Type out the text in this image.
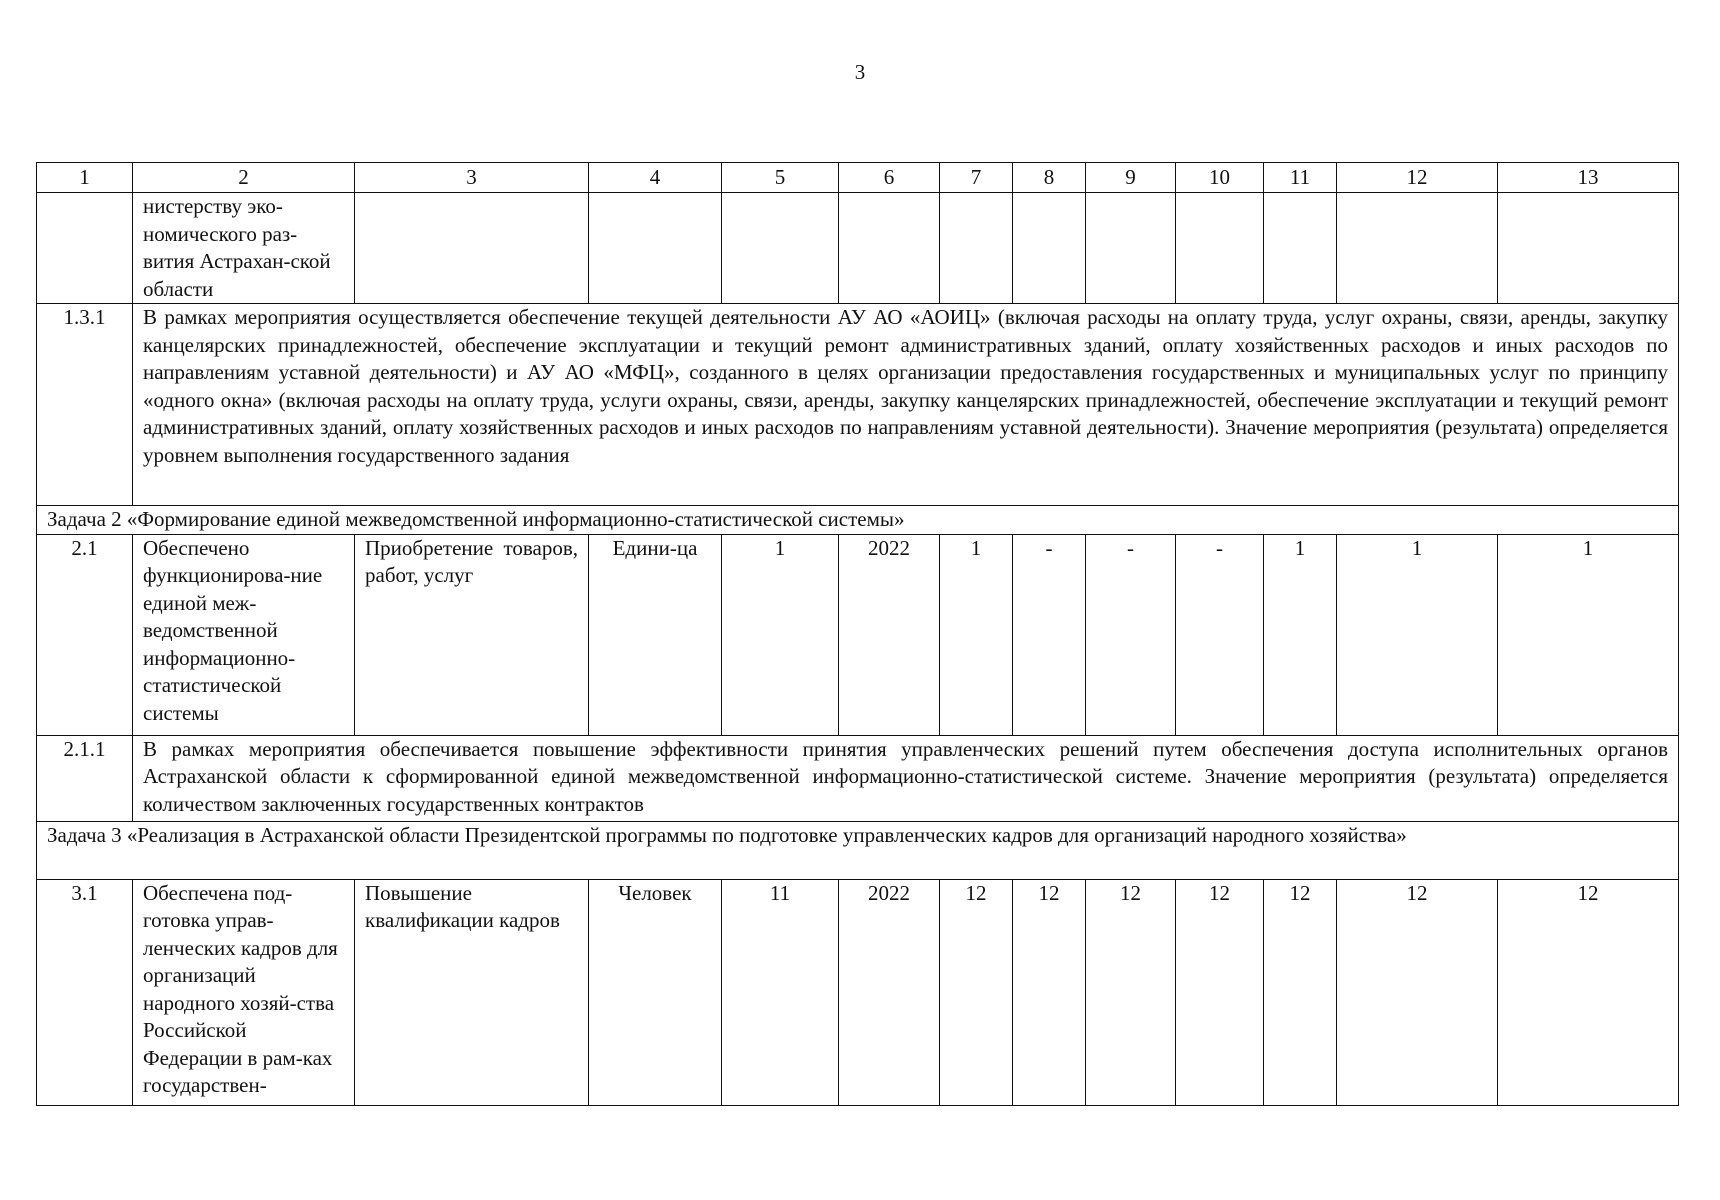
3
1	2	3	4	5	6	7	8	9	10	11	12	13
	нистерству эко-номического раз-вития Астрахан-ской области											
1.3.1	В рамках мероприятия осуществляется обеспечение текущей деятельности АУ АО «АОИЦ» (включая расходы на оплату труда, услуг охраны, связи, аренды, закупку канцелярских принадлежностей, обеспечение эксплуатации и текущий ремонт административных зданий, оплату хозяйственных расходов и иных расходов по направлениям уставной деятельности) и АУ АО «МФЦ», созданного в целях организации предоставления государственных и муниципальных услуг по принципу «одного окна» (включая расходы на оплату труда, услуги охраны, связи, аренды, закупку канцелярских принадлежностей, обеспечение эксплуатации и текущий ремонт административных зданий, оплату хозяйственных расходов и иных расходов по направлениям уставной деятельности). Значение мероприятия (результата) определяется уровнем выполнения государственного задания											
Задача 2 «Формирование единой межведомственной информационно-статистической системы»												
2.1	Обеспечено функционирова-ние единой меж-ведомственной информационно-статистической системы	Приобретение товаров, работ, услуг	Едини-ца	1	2022	1	-	-	-	1	1	1
2.1.1	В рамках мероприятия обеспечивается повышение эффективности принятия управленческих решений путем обеспечения доступа исполнительных органов Астраханской области к сформированной единой межведомственной информационно-статистической системе. Значение мероприятия (результата) определяется количеством заключенных государственных контрактов											
Задача 3 «Реализация в Астраханской области Президентской программы по подготовке управленческих кадров для организаций народного хозяйства»												
3.1	Обеспечена под-готовка управ-ленческих кадров для организаций народного хозяй-ства Российской Федерации в рам-ках государствен-	Повышение квалификации кадров	Человек	11	2022	12	12	12	12	12	12	12
